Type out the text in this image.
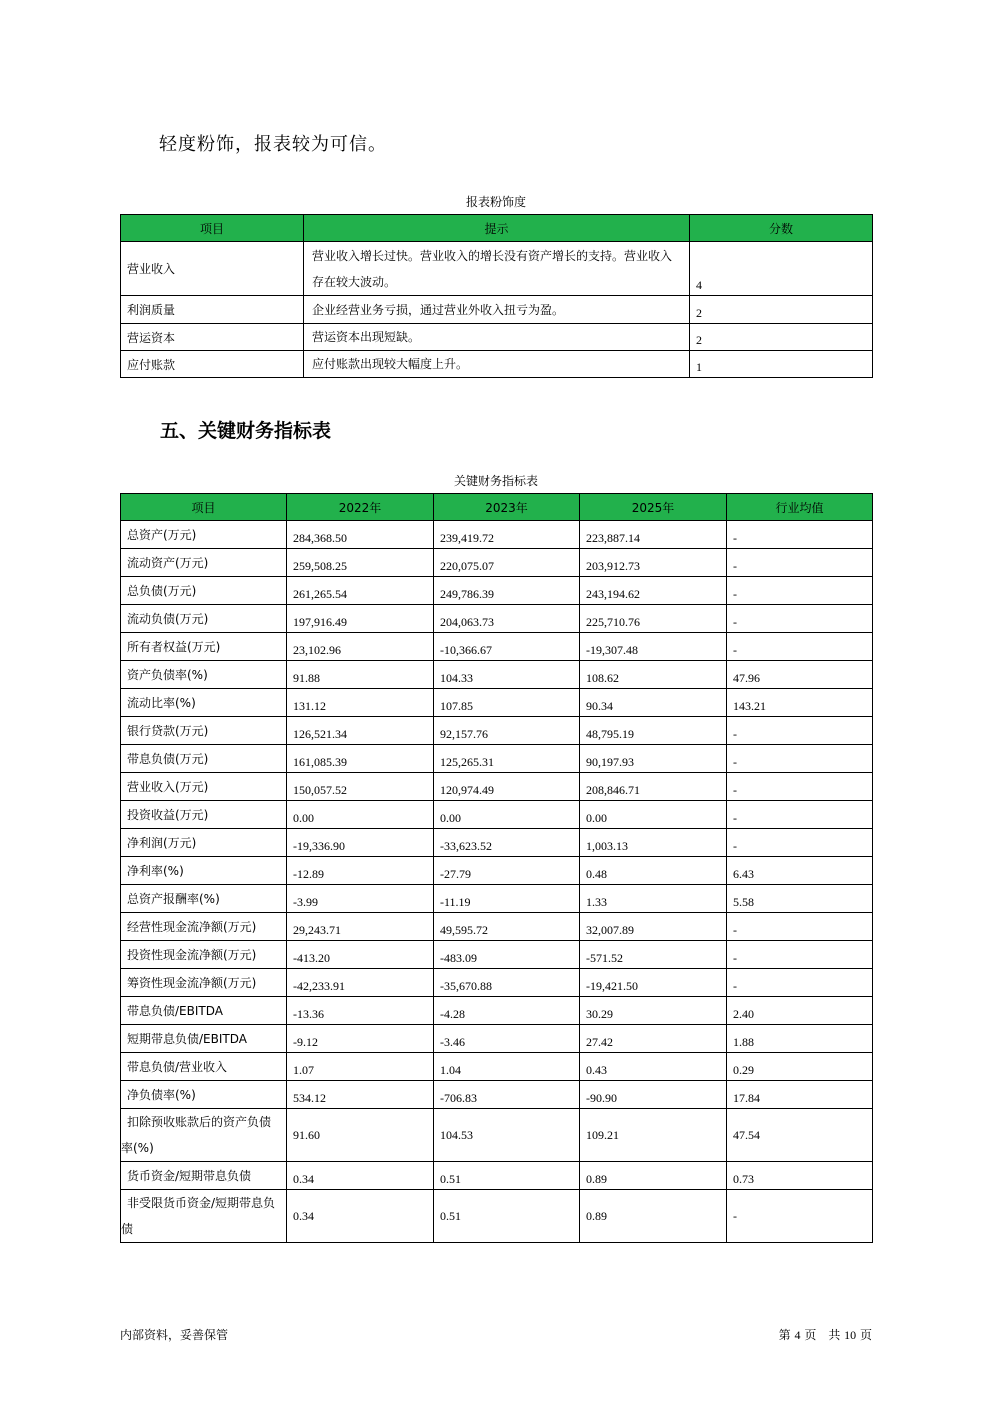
轻度粉饰，报表较为可信。
报表粉饰度
项目	提示	分数
营业收入	营业收入增长过快。营业收入的增长没有资产增长的支持。营业收入存在较大波动。	4
利润质量	企业经营业务亏损，通过营业外收入扭亏为盈。	2
营运资本	营运资本出现短缺。	2
应付账款	应付账款出现较大幅度上升。	1
五、关键财务指标表
关键财务指标表
项目	2022年	2023年	2025年	行业均值
总资产(万元)	284,368.50	239,419.72	223,887.14	-
流动资产(万元)	259,508.25	220,075.07	203,912.73	-
总负债(万元)	261,265.54	249,786.39	243,194.62	-
流动负债(万元)	197,916.49	204,063.73	225,710.76	-
所有者权益(万元)	23,102.96	-10,366.67	-19,307.48	-
资产负债率(%)	91.88	104.33	108.62	47.96
流动比率(%)	131.12	107.85	90.34	143.21
银行贷款(万元)	126,521.34	92,157.76	48,795.19	-
带息负债(万元)	161,085.39	125,265.31	90,197.93	-
营业收入(万元)	150,057.52	120,974.49	208,846.71	-
投资收益(万元)	0.00	0.00	0.00	-
净利润(万元)	-19,336.90	-33,623.52	1,003.13	-
净利率(%)	-12.89	-27.79	0.48	6.43
总资产报酬率(%)	-3.99	-11.19	1.33	5.58
经营性现金流净额(万元)	29,243.71	49,595.72	32,007.89	-
投资性现金流净额(万元)	-413.20	-483.09	-571.52	-
筹资性现金流净额(万元)	-42,233.91	-35,670.88	-19,421.50	-
带息负债/EBITDA	-13.36	-4.28	30.29	2.40
短期带息负债/EBITDA	-9.12	-3.46	27.42	1.88
带息负债/营业收入	1.07	1.04	0.43	0.29
净负债率(%)	534.12	-706.83	-90.90	17.84
扣除预收账款后的资产负债率(%)	91.60	104.53	109.21	47.54
货币资金/短期带息负债	0.34	0.51	0.89	0.73
非受限货币资金/短期带息负债	0.34	0.51	0.89	-
内部资料，妥善保管	第 4 页　共 10 页
